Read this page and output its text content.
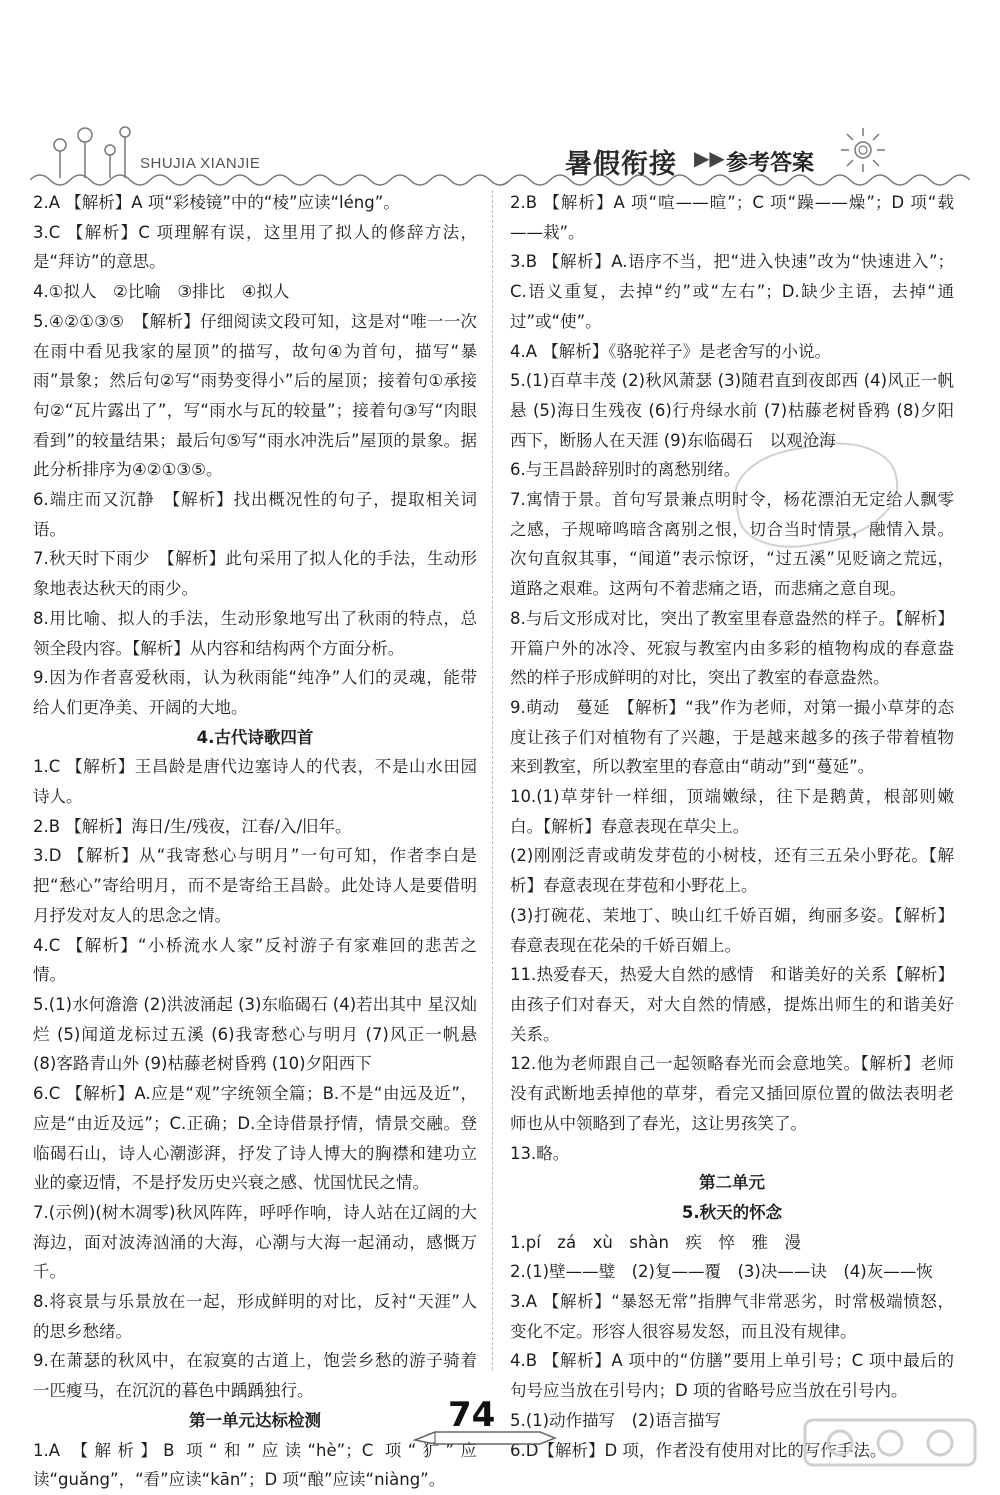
SHUJIA XIANJIE	暑假衔接 ▶▶ 参考答案

2.A 【解析】A 项“彩棱镜”中的“棱”应读“léng”。

3.C 【解析】C 项理解有误，这里用了拟人的修辞方法，是“拜访”的意思。

4.①拟人　②比喻　③排比　④拟人

5.④②①③⑤　【解析】仔细阅读文段可知，这是对“唯一一次在雨中看见我家的屋顶”的描写，故句④为首句，描写“暴雨”景象；然后句②写“雨势变得小”后的屋顶；接着句①承接句②“瓦片露出了”，写“雨水与瓦的较量”；接着句③写“肉眼看到”的较量结果；最后句⑤写“雨水冲洗后”屋顶的景象。据此分析排序为④②①③⑤。

6.端庄而又沉静　【解析】找出概况性的句子，提取相关词语。

7.秋天时下雨少　【解析】此句采用了拟人化的手法，生动形象地表达秋天的雨少。

8.用比喻、拟人的手法，生动形象地写出了秋雨的特点，总领全段内容。【解析】从内容和结构两个方面分析。

9.因为作者喜爱秋雨，认为秋雨能“纯净”人们的灵魂，能带给人们更净美、开阔的大地。

4.古代诗歌四首

1.C 【解析】王昌龄是唐代边塞诗人的代表，不是山水田园诗人。

2.B 【解析】海日/生/残夜，江春/入/旧年。

3.D 【解析】从“我寄愁心与明月”一句可知，作者李白是把“愁心”寄给明月，而不是寄给王昌龄。此处诗人是要借明月抒发对友人的思念之情。

4.C 【解析】“小桥流水人家”反衬游子有家难回的悲苦之情。

5.(1)水何澹澹 (2)洪波涌起 (3)东临碣石 (4)若出其中 星汉灿烂 (5)闻道龙标过五溪 (6)我寄愁心与明月 (7)风正一帆悬 (8)客路青山外 (9)枯藤老树昏鸦 (10)夕阳西下

6.C 【解析】A.应是“观”字统领全篇；B.不是“由远及近”，应是“由近及远”；C.正确；D.全诗借景抒情，情景交融。登临碣石山，诗人心潮澎湃，抒发了诗人博大的胸襟和建功立业的豪迈情，不是抒发历史兴衰之感、忧国忧民之情。

7.(示例)(树木凋零)秋风阵阵，呼呼作响，诗人站在辽阔的大海边，面对波涛汹涌的大海，心潮与大海一起涌动，感慨万千。

8.将哀景与乐景放在一起，形成鲜明的对比，反衬“天涯”人的思乡愁绪。

9.在萧瑟的秋风中，在寂寞的古道上，饱尝乡愁的游子骑着一匹瘦马，在沉沉的暮色中踽踽独行。

第一单元达标检测

1.A 【解析】B 项“和”应读“hè”；C 项“犷”应读“guǎng”，“看”应读“kān”；D 项“酿”应读“niàng”。

2.B 【解析】A 项“喧——暄”；C 项“躁——燥”；D 项“载——栽”。

3.B 【解析】A.语序不当，把“进入快速”改为“快速进入”；C.语义重复，去掉“约”或“左右”；D.缺少主语，去掉“通过”或“使”。

4.A 【解析】《骆驼祥子》是老舍写的小说。

5.(1)百草丰茂 (2)秋风萧瑟 (3)随君直到夜郎西 (4)风正一帆悬 (5)海日生残夜 (6)行舟绿水前 (7)枯藤老树昏鸦 (8)夕阳西下，断肠人在天涯 (9)东临碣石　以观沧海

6.与王昌龄辞别时的离愁别绪。

7.寓情于景。首句写景兼点明时令，杨花漂泊无定给人飘零之感，子规啼鸣暗含离别之恨，切合当时情景，融情入景。次句直叙其事，“闻道”表示惊讶，“过五溪”见贬谪之荒远，道路之艰难。这两句不着悲痛之语，而悲痛之意自现。

8.与后文形成对比，突出了教室里春意盎然的样子。【解析】开篇户外的冰冷、死寂与教室内由多彩的植物构成的春意盎然的样子形成鲜明的对比，突出了教室的春意盎然。

9.萌动　蔓延　【解析】“我”作为老师，对第一撮小草芽的态度让孩子们对植物有了兴趣，于是越来越多的孩子带着植物来到教室，所以教室里的春意由“萌动”到“蔓延”。

10.(1)草芽针一样细，顶端嫩绿，往下是鹅黄，根部则嫩白。【解析】春意表现在草尖上。

(2)刚刚泛青或萌发芽苞的小树枝，还有三五朵小野花。【解析】春意表现在芽苞和小野花上。

(3)打碗花、茉地丁、映山红千娇百媚，绚丽多姿。【解析】春意表现在花朵的千娇百媚上。

11.热爱春天，热爱大自然的感情　和谐美好的关系【解析】由孩子们对春天，对大自然的情感，提炼出师生的和谐美好关系。

12.他为老师跟自己一起领略春光而会意地笑。【解析】老师没有武断地丢掉他的草芽，看完又插回原位置的做法表明老师也从中领略到了春光，这让男孩笑了。

13.略。

第二单元

5.秋天的怀念

1.pí　zá　xù　shàn　疾　悴　雅　漫

2.(1)壁——璧　(2)复——覆　(3)决——诀　(4)灰——恢

3.A 【解析】“暴怒无常”指脾气非常恶劣，时常极端愤怒，变化不定。形容人很容易发怒，而且没有规律。

4.B 【解析】A 项中的“仿膳”要用上单引号；C 项中最后的句号应当放在引号内；D 项的省略号应当放在引号内。

5.(1)动作描写　(2)语言描写

6.D【解析】D 项，作者没有使用对比的写作手法。

74
